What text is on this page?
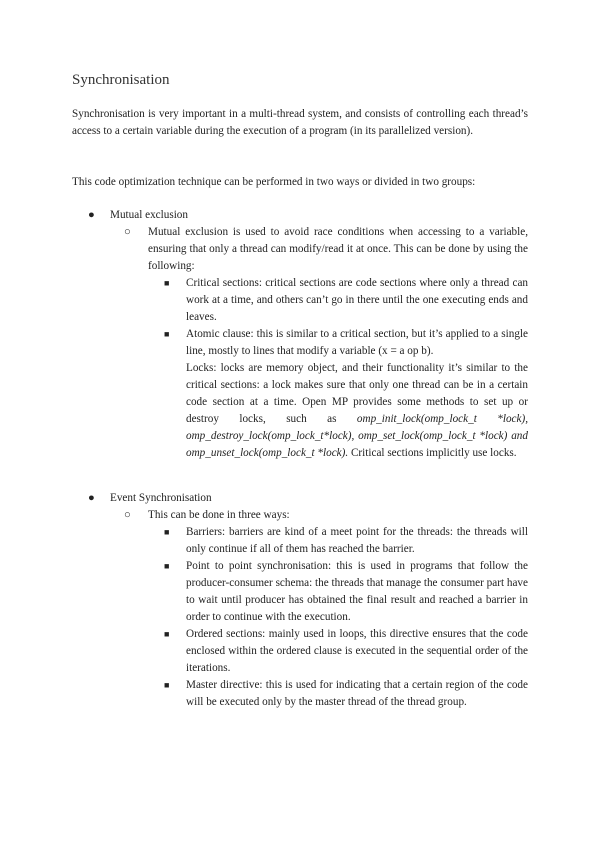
Synchronisation

Synchronisation is very important in a multi-thread system, and consists of controlling each thread’s access to a certain variable during the execution of a program (in its parallelized version).

This code optimization technique can be performed in two ways or divided in two groups:

● Mutual exclusion
○ Mutual exclusion is used to avoid race conditions when accessing to a variable, ensuring that only a thread can modify/read it at once. This can be done by using the following:
■ Critical sections: critical sections are code sections where only a thread can work at a time, and others can’t go in there until the one executing ends and leaves.
■ Atomic clause: this is similar to a critical section, but it’s applied to a single line, mostly to lines that modify a variable (x = a op b).
Locks: locks are memory object, and their functionality it’s similar to the critical sections: a lock makes sure that only one thread can be in a certain code section at a time. Open MP provides some methods to set up or destroy locks, such as omp_init_lock(omp_lock_t *lock), omp_destroy_lock(omp_lock_t*lock), omp_set_lock(omp_lock_t *lock) and omp_unset_lock(omp_lock_t *lock). Critical sections implicitly use locks.
● Event Synchronisation
○ This can be done in three ways:
■ Barriers: barriers are kind of a meet point for the threads: the threads will only continue if all of them has reached the barrier.
■ Point to point synchronisation: this is used in programs that follow the producer-consumer schema: the threads that manage the consumer part have to wait until producer has obtained the final result and reached a barrier in order to continue with the execution.
■ Ordered sections: mainly used in loops, this directive ensures that the code enclosed within the ordered clause is executed in the sequential order of the iterations.
■ Master directive: this is used for indicating that a certain region of the code will be executed only by the master thread of the thread group.
